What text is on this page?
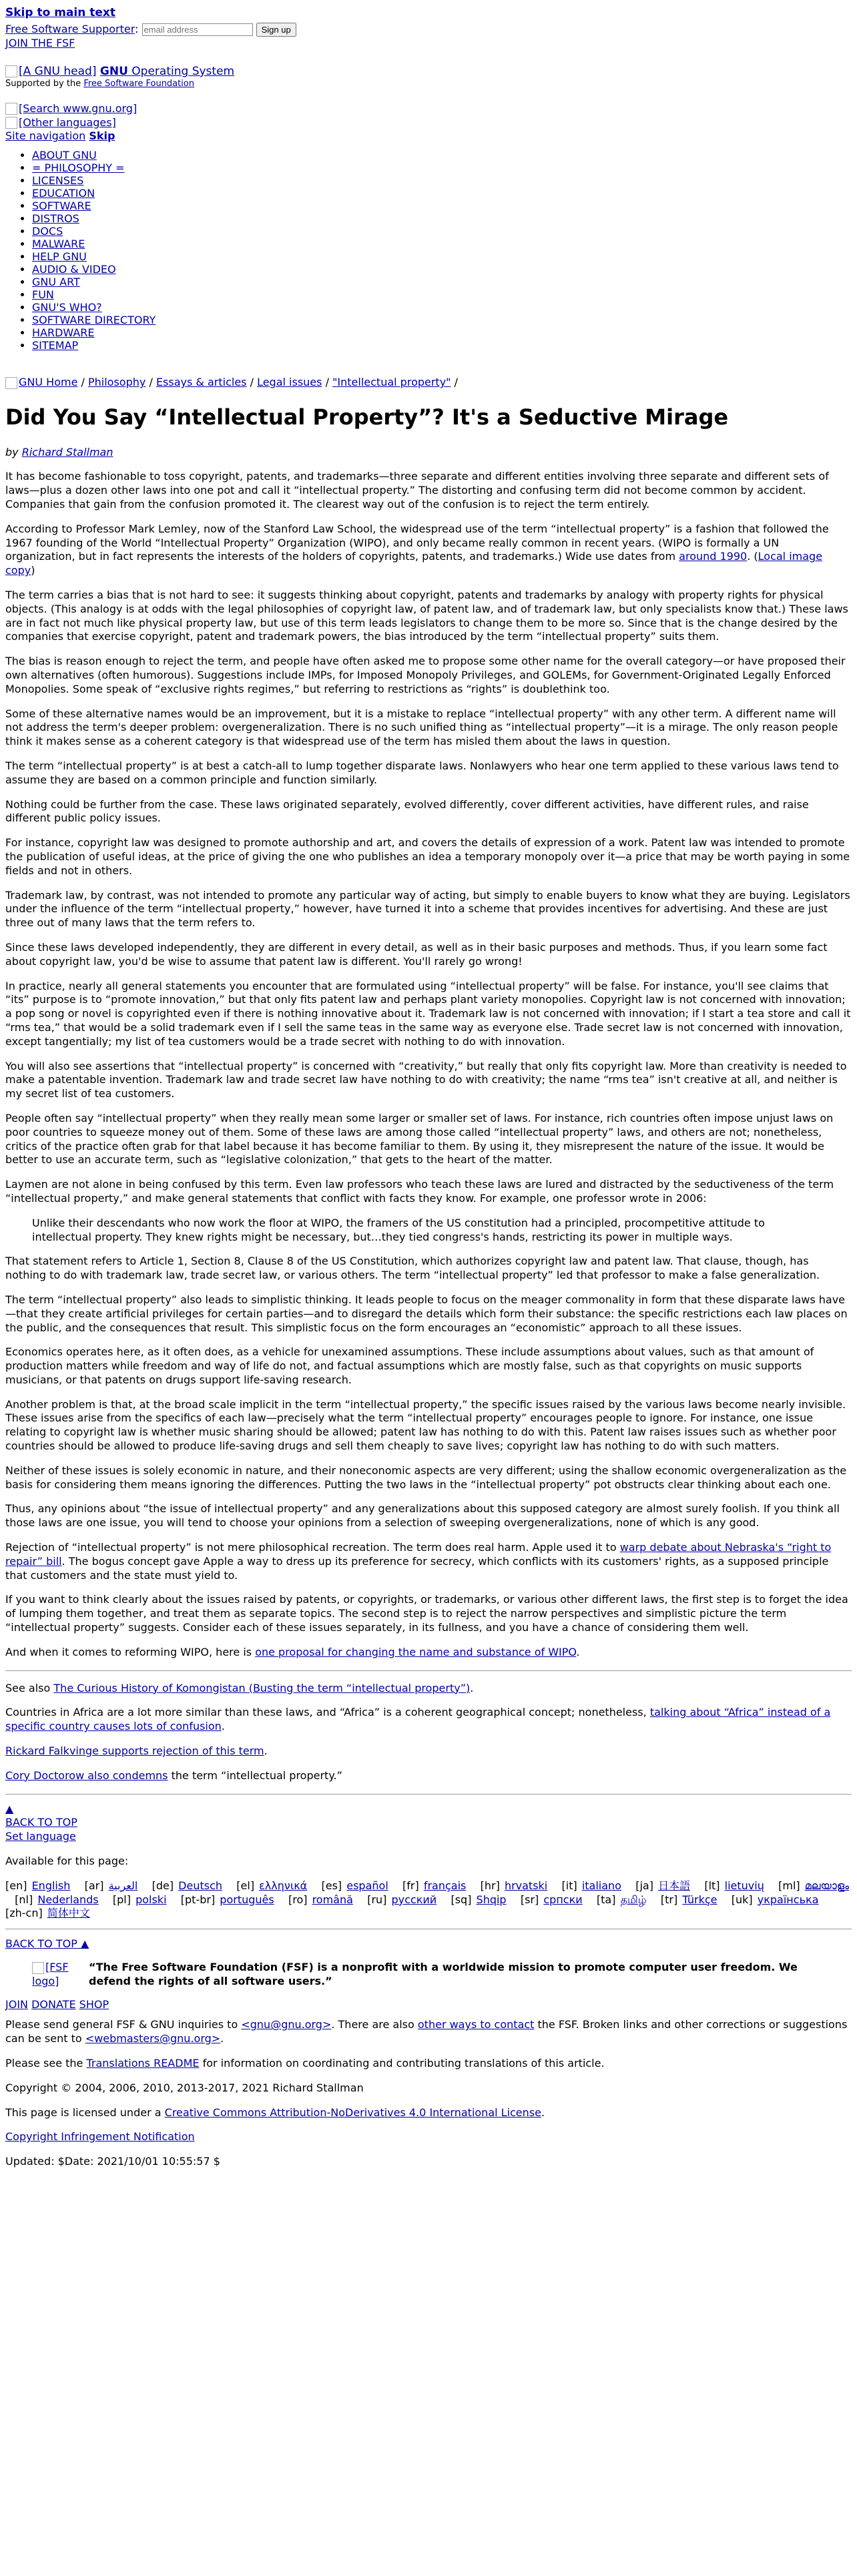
Skip to main text
Free Software Supporter: email address	Sign up
JOIN THE FSF
[A GNU head] GNU Operating System
Supported by the Free Software Foundation
[Search www.gnu.org]
[Other languages]
Site navigation Skip
• ABOUT GNU
• = PHILOSOPHY =
• LICENSES
• EDUCATION
• SOFTWARE
• DISTROS
• DOCS
• MALWARE
• HELP GNU
• AUDIO & VIDEO
• GNU ART
• FUN
• GNU'S WHO?
• SOFTWARE DIRECTORY
• HARDWARE
• SITEMAP
GNU Home / Philosophy / Essays & articles / Legal issues / "Intellectual property" /
Did You Say “Intellectual Property”? It's a Seductive Mirage

by Richard Stallman

It has become fashionable to toss copyright, patents, and trademarks—three separate and different entities involving three separate and different sets of laws—plus a dozen other laws into one pot and call it “intellectual property.” The distorting and confusing term did not become common by accident. Companies that gain from the confusion promoted it. The clearest way out of the confusion is to reject the term entirely.

According to Professor Mark Lemley, now of the Stanford Law School, the widespread use of the term “intellectual property” is a fashion that followed the 1967 founding of the World “Intellectual Property” Organization (WIPO), and only became really common in recent years. (WIPO is formally a UN organization, but in fact represents the interests of the holders of copyrights, patents, and trademarks.) Wide use dates from around 1990. (Local image copy)

The term carries a bias that is not hard to see: it suggests thinking about copyright, patents and trademarks by analogy with property rights for physical objects. (This analogy is at odds with the legal philosophies of copyright law, of patent law, and of trademark law, but only specialists know that.) These laws are in fact not much like physical property law, but use of this term leads legislators to change them to be more so. Since that is the change desired by the companies that exercise copyright, patent and trademark powers, the bias introduced by the term “intellectual property” suits them.

The bias is reason enough to reject the term, and people have often asked me to propose some other name for the overall category—or have proposed their own alternatives (often humorous). Suggestions include IMPs, for Imposed Monopoly Privileges, and GOLEMs, for Government-Originated Legally Enforced Monopolies. Some speak of “exclusive rights regimes,” but referring to restrictions as “rights” is doublethink too.

Some of these alternative names would be an improvement, but it is a mistake to replace “intellectual property” with any other term. A different name will not address the term's deeper problem: overgeneralization. There is no such unified thing as “intellectual property”—it is a mirage. The only reason people think it makes sense as a coherent category is that widespread use of the term has misled them about the laws in question.

The term “intellectual property” is at best a catch-all to lump together disparate laws. Nonlawyers who hear one term applied to these various laws tend to assume they are based on a common principle and function similarly.

Nothing could be further from the case. These laws originated separately, evolved differently, cover different activities, have different rules, and raise different public policy issues.

For instance, copyright law was designed to promote authorship and art, and covers the details of expression of a work. Patent law was intended to promote the publication of useful ideas, at the price of giving the one who publishes an idea a temporary monopoly over it—a price that may be worth paying in some fields and not in others.

Trademark law, by contrast, was not intended to promote any particular way of acting, but simply to enable buyers to know what they are buying. Legislators under the influence of the term “intellectual property,” however, have turned it into a scheme that provides incentives for advertising. And these are just three out of many laws that the term refers to.

Since these laws developed independently, they are different in every detail, as well as in their basic purposes and methods. Thus, if you learn some fact about copyright law, you'd be wise to assume that patent law is different. You'll rarely go wrong!

In practice, nearly all general statements you encounter that are formulated using “intellectual property” will be false. For instance, you'll see claims that “its” purpose is to “promote innovation,” but that only fits patent law and perhaps plant variety monopolies. Copyright law is not concerned with innovation; a pop song or novel is copyrighted even if there is nothing innovative about it. Trademark law is not concerned with innovation; if I start a tea store and call it “rms tea,” that would be a solid trademark even if I sell the same teas in the same way as everyone else. Trade secret law is not concerned with innovation, except tangentially; my list of tea customers would be a trade secret with nothing to do with innovation.

You will also see assertions that “intellectual property” is concerned with “creativity,” but really that only fits copyright law. More than creativity is needed to make a patentable invention. Trademark law and trade secret law have nothing to do with creativity; the name “rms tea” isn't creative at all, and neither is my secret list of tea customers.

People often say “intellectual property” when they really mean some larger or smaller set of laws. For instance, rich countries often impose unjust laws on poor countries to squeeze money out of them. Some of these laws are among those called “intellectual property” laws, and others are not; nonetheless, critics of the practice often grab for that label because it has become familiar to them. By using it, they misrepresent the nature of the issue. It would be better to use an accurate term, such as “legislative colonization,” that gets to the heart of the matter.

Laymen are not alone in being confused by this term. Even law professors who teach these laws are lured and distracted by the seductiveness of the term “intellectual property,” and make general statements that conflict with facts they know. For example, one professor wrote in 2006:

Unlike their descendants who now work the floor at WIPO, the framers of the US constitution had a principled, procompetitive attitude to intellectual property. They knew rights might be necessary, but…they tied congress's hands, restricting its power in multiple ways.

That statement refers to Article 1, Section 8, Clause 8 of the US Constitution, which authorizes copyright law and patent law. That clause, though, has nothing to do with trademark law, trade secret law, or various others. The term “intellectual property” led that professor to make a false generalization.

The term “intellectual property” also leads to simplistic thinking. It leads people to focus on the meager commonality in form that these disparate laws have—that they create artificial privileges for certain parties—and to disregard the details which form their substance: the specific restrictions each law places on the public, and the consequences that result. This simplistic focus on the form encourages an “economistic” approach to all these issues.

Economics operates here, as it often does, as a vehicle for unexamined assumptions. These include assumptions about values, such as that amount of production matters while freedom and way of life do not, and factual assumptions which are mostly false, such as that copyrights on music supports musicians, or that patents on drugs support life-saving research.

Another problem is that, at the broad scale implicit in the term “intellectual property,” the specific issues raised by the various laws become nearly invisible. These issues arise from the specifics of each law—precisely what the term “intellectual property” encourages people to ignore. For instance, one issue relating to copyright law is whether music sharing should be allowed; patent law has nothing to do with this. Patent law raises issues such as whether poor countries should be allowed to produce life-saving drugs and sell them cheaply to save lives; copyright law has nothing to do with such matters.

Neither of these issues is solely economic in nature, and their noneconomic aspects are very different; using the shallow economic overgeneralization as the basis for considering them means ignoring the differences. Putting the two laws in the “intellectual property” pot obstructs clear thinking about each one.

Thus, any opinions about “the issue of intellectual property” and any generalizations about this supposed category are almost surely foolish. If you think all those laws are one issue, you will tend to choose your opinions from a selection of sweeping overgeneralizations, none of which is any good.

Rejection of “intellectual property” is not mere philosophical recreation. The term does real harm. Apple used it to warp debate about Nebraska's “right to repair” bill. The bogus concept gave Apple a way to dress up its preference for secrecy, which conflicts with its customers' rights, as a supposed principle that customers and the state must yield to.

If you want to think clearly about the issues raised by patents, or copyrights, or trademarks, or various other different laws, the first step is to forget the idea of lumping them together, and treat them as separate topics. The second step is to reject the narrow perspectives and simplistic picture the term “intellectual property” suggests. Consider each of these issues separately, in its fullness, and you have a chance of considering them well.

And when it comes to reforming WIPO, here is one proposal for changing the name and substance of WIPO.

See also The Curious History of Komongistan (Busting the term “intellectual property”).

Countries in Africa are a lot more similar than these laws, and “Africa” is a coherent geographical concept; nonetheless, talking about “Africa” instead of a specific country causes lots of confusion.

Rickard Falkvinge supports rejection of this term.

Cory Doctorow also condemns the term “intellectual property.”

▲
BACK TO TOP
Set language

Available for this page:

[en] English [ar] العربية [de] Deutsch [el] ελληνικά [es] español [fr] français [hr] hrvatski [it] italiano [ja] 日本語 [lt] lietuvių [ml] മലയാളം   [nl] Nederlands [pl] polski [pt-br] português [ro] română [ru] русский [sq] Shqip [sr] српски [ta] தமிழ் [tr] Türkçe [uk] українська   [zh-cn] 简体中文
BACK TO TOP ▲
[FSF logo]
“The Free Software Foundation (FSF) is a nonprofit with a worldwide mission to promote computer user freedom. We defend the rights of all software users.”
JOIN DONATE SHOP

Please send general FSF & GNU inquiries to <gnu@gnu.org>. There are also other ways to contact the FSF. Broken links and other corrections or suggestions can be sent to <webmasters@gnu.org>.

Please see the Translations README for information on coordinating and contributing translations of this article.

Copyright © 2004, 2006, 2010, 2013-2017, 2021 Richard Stallman

This page is licensed under a Creative Commons Attribution-NoDerivatives 4.0 International License.

Copyright Infringement Notification

Updated: $Date: 2021/10/01 10:55:57 $
